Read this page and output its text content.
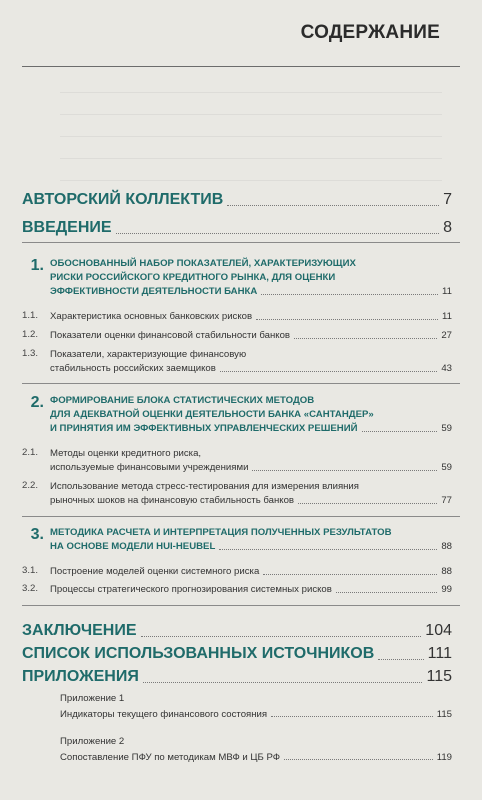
СОДЕРЖАНИЕ
АВТОРСКИЙ КОЛЛЕКТИВ	7
ВВЕДЕНИЕ	8
1. ОБОСНОВАННЫЙ НАБОР ПОКАЗАТЕЛЕЙ, ХАРАКТЕРИЗУЮЩИХ
РИСКИ РОССИЙСКОГО КРЕДИТНОГО РЫНКА, ДЛЯ ОЦЕНКИ
ЭФФЕКТИВНОСТИ ДЕЯТЕЛЬНОСТИ БАНКА	11
1.1. Характеристика основных банковских рисков	11
1.2. Показатели оценки финансовой стабильности банков	27
1.3. Показатели, характеризующие финансовую
стабильность российских заемщиков	43
2. ФОРМИРОВАНИЕ БЛОКА СТАТИСТИЧЕСКИХ МЕТОДОВ
ДЛЯ АДЕКВАТНОЙ ОЦЕНКИ ДЕЯТЕЛЬНОСТИ БАНКА «САНТАНДЕР»
И ПРИНЯТИЯ ИМ ЭФФЕКТИВНЫХ УПРАВЛЕНЧЕСКИХ РЕШЕНИЙ	59
2.1. Методы оценки кредитного риска,
используемые финансовыми учреждениями	59
2.2. Использование метода стресс-тестирования для измерения влияния
рыночных шоков на финансовую стабильность банков	77
3. МЕТОДИКА РАСЧЕТА И ИНТЕРПРЕТАЦИЯ ПОЛУЧЕННЫХ РЕЗУЛЬТАТОВ
НА ОСНОВЕ МОДЕЛИ HUI-HEUBEL	88
3.1. Построение моделей оценки системного риска	88
3.2. Процессы стратегического прогнозирования системных рисков	99
ЗАКЛЮЧЕНИЕ	104
СПИСОК ИСПОЛЬЗОВАННЫХ ИСТОЧНИКОВ	111
ПРИЛОЖЕНИЯ	115
Приложение 1
Индикаторы текущего финансового состояния	115
Приложение 2
Сопоставление ПФУ по методикам МВФ и ЦБ РФ	119
